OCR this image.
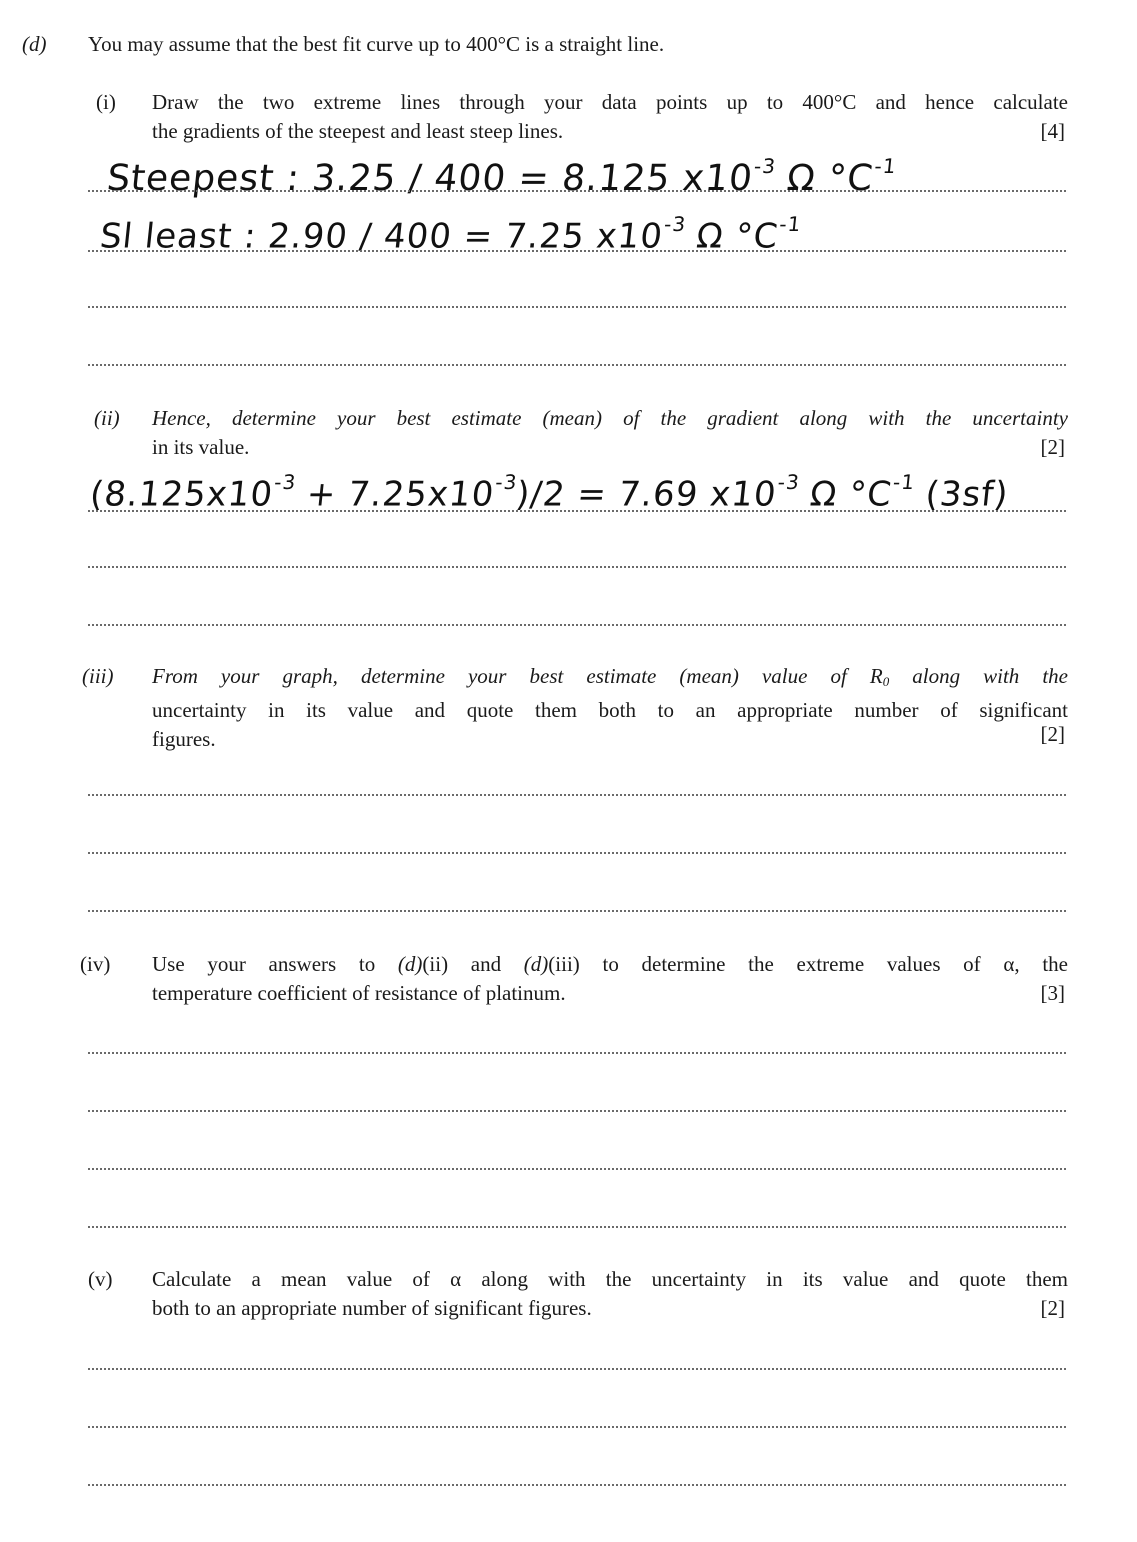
(d) You may assume that the best fit curve up to 400°C is a straight line.
(i) Draw the two extreme lines through your data points up to 400°C and hence calculate
the gradients of the steepest and least steep lines.	[4]
Steepest : 3.25 / 400 = 8.125 $x10^{-3}$ Ω $^\circ C^{-1}$
Sl least : 2.90 / 400 = 7.25 $x10^{-3}$ Ω $^\circ C^{-1}$
(ii) Hence, determine your best estimate (mean) of the gradient along with the uncertainty
in its value.	[2]
$(8.125x10^{-3} + 7.25x10^{-3})/2 = 7.69$ $x10^{-3}$ Ω $^\circ C^{-1}$ (3sf)
(iii) From your graph, determine your best estimate (mean) value of R0 along with the
uncertainty in its value and quote them both to an appropriate number of significant
figures.	[2]
(iv) Use your answers to (d)(ii) and (d)(iii) to determine the extreme values of α, the
temperature coefficient of resistance of platinum.	[3]
(v) Calculate a mean value of α along with the uncertainty in its value and quote them
both to an appropriate number of significant figures.	[2]
